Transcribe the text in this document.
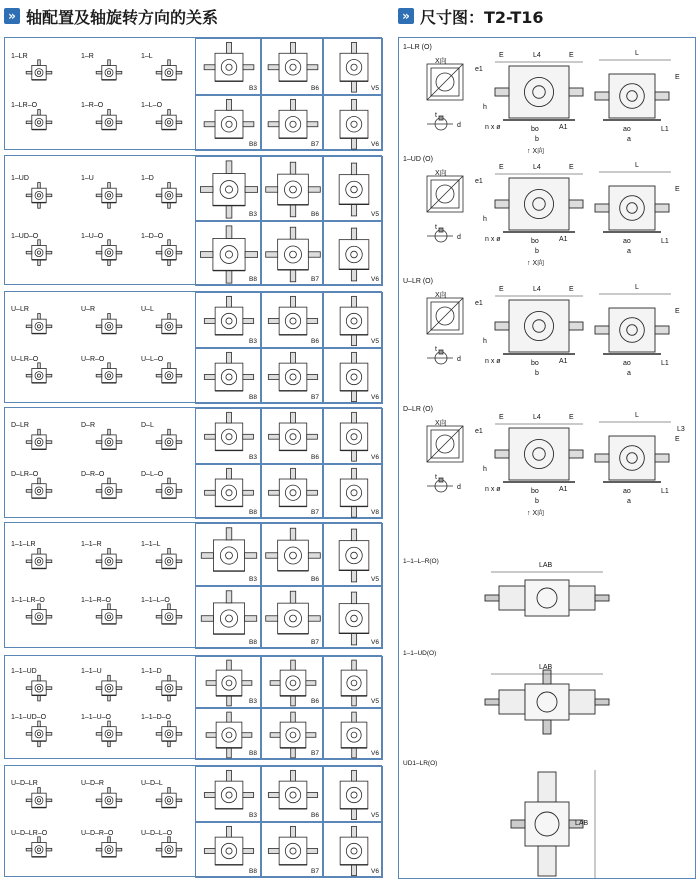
» 轴配置及轴旋转方向的关系	» 尺寸图：T2-T16
1–LR	1–R	1–L
1–LR–O	1–R–O	1–L–O
B3	B6	V5
B8	B7	V6
1–UD	1–U	1–D
1–UD–O	1–U–O	1–D–O
B3	B6	V5
B8	B7	V6
U–LR	U–R	U–L
U–LR–O	U–R–O	U–L–O
B3	B6	V5
B8	B7	V6
D–LR	D–R	D–L
D–LR–O	D–R–O	D–L–O
B3	B6	V6
B8	B7	V8
1–1–LR	1–1–R	1–1–L
1–1–LR–O	1–1–R–O	1–1–L–O
B3	B6	V5
B8	B7	V6
1–1–UD	1–1–U	1–1–D
1–1–UD–O	1–1–U–O	1–1–D–O
B3	B6	V5
B8	B7	V6
U–D–LR	U–D–R	U–D–L
U–D–LR–O	U–D–R–O	U–D–L–O
B3	B6	V5
B8	B7	V6
1–LR (O)
X向
t
d
E	L4	E
bo
b
A1
n x ø
h
e1
↑ X向
L
E
ao
a
L1
1–UD (O)
X向
t
d
E	L4	E
bo
b
A1
n x ø
h
e1
↑ X向
L
E
ao
a
L1
U–LR (O)
X向
t
d
E	L4	E
bo
b
A1
n x ø
h
e1
L
E
ao
a
L1
D–LR (O)
X向
t
d
E	L4	E
bo
b
A1
n x ø
h
e1
↑ X向
L
E
ao
a
L1
L3
1–1–L–R(O)
LAB
1–1–UD(O)
LAB
UD1–LR(O)
LAB
